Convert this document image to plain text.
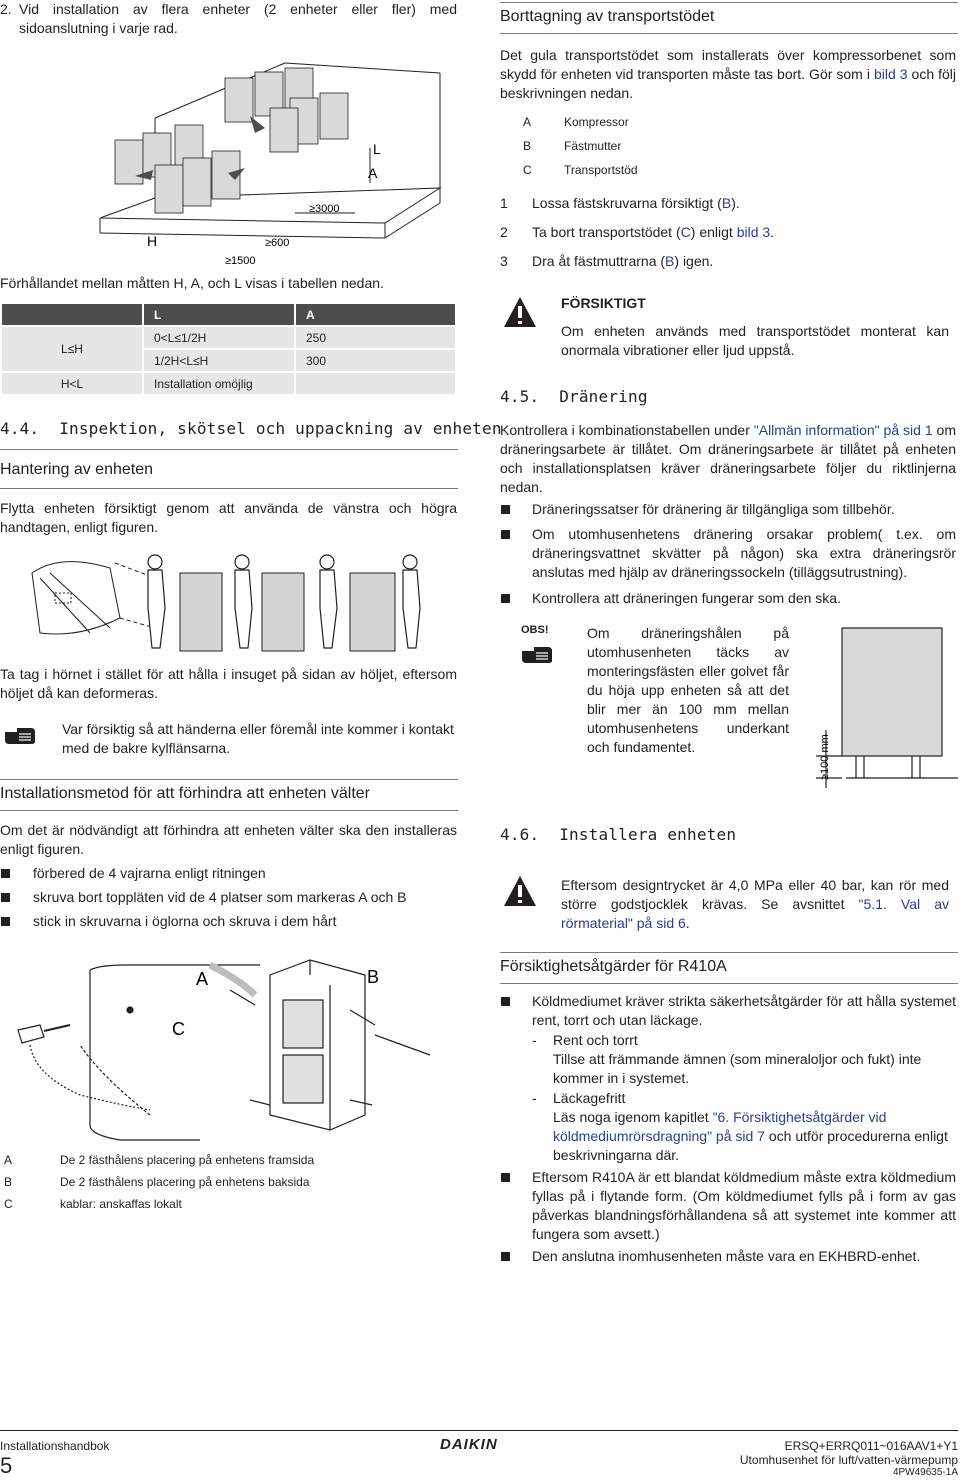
2. Vid installation av flera enheter (2 enheter eller fler) med sidoanslutning i varje rad.
L
A
H
≥3000
≥600
≥1500
Förhållandet mellan måtten H, A, och L visas i tabellen nedan.
	L	A
L≤H	0<L≤1/2H	250
	1/2H<L≤H	300
H<L	Installation omöjlig	
4.4. Inspektion, skötsel och uppackning av enheten
Hantering av enheten
Flytta enheten försiktigt genom att använda de vänstra och högra handtagen, enligt figuren.
Ta tag i hörnet i stället för att hålla i insuget på sidan av höljet, eftersom höljet då kan deformeras.
Var försiktig så att händerna eller föremål inte kommer i kontakt med de bakre kylflänsarna.
Installationsmetod för att förhindra att enheten välter
Om det är nödvändigt att förhindra att enheten välter ska den installeras enligt figuren.
förbered de 4 vajrarna enligt ritningen
skruva bort toppläten vid de 4 platser som markeras A och B
stick in skruvarna i öglorna och skruva i dem hårt
A	B
C
A	De 2 fästhålens placering på enhetens framsida
B	De 2 fästhålens placering på enhetens baksida
C	kablar: anskaffas lokalt
Borttagning av transportstödet
Det gula transportstödet som installerats över kompressorbenet som skydd för enheten vid transporten måste tas bort. Gör som i bild 3 och följ beskrivningen nedan.
A	Kompressor
B	Fästmutter
C	Transportstöd
1 Lossa fästskruvarna försiktigt (B).
2 Ta bort transportstödet (C) enligt bild 3.
3 Dra åt fästmuttrarna (B) igen.
FÖRSIKTIGT
Om enheten används med transportstödet monterat kan onormala vibrationer eller ljud uppstå.
4.5. Dränering
Kontrollera i kombinationstabellen under "Allmän information" på sid 1 om dräneringsarbete är tillåtet. Om dräneringsarbete är tillåtet på enheten och installationsplatsen kräver dräneringsarbete följer du riktlinjerna nedan.
Dräneringssatser för dränering är tillgängliga som tillbehör.
Om utomhusenhetens dränering orsakar problem( t.ex. om dräneringsvattnet skvätter på någon) ska extra dräneringsrör anslutas med hjälp av dräneringssockeln (tilläggsutrustning).
Kontrollera att dräneringen fungerar som den ska.
OBS!	Om dräneringshålen på utomhusenheten täcks av monteringsfästen eller golvet får du höja upp enheten så att det blir mer än 100 mm mellan utomhusenhetens underkant och fundamentet.	≥100 mm
4.6. Installera enheten
Eftersom designtrycket är 4,0 MPa eller 40 bar, kan rör med större godstjocklek krävas. Se avsnittet "5.1. Val av rörmaterial" på sid 6.
Försiktighetsåtgärder för R410A
Köldmediumet kräver strikta säkerhetsåtgärder för att hålla systemet rent, torrt och utan läckage.
- Rent och torrt
Tillse att främmande ämnen (som mineraloljor och fukt) inte kommer in i systemet.
- Läckagefritt
Läs noga igenom kapitlet "6. Försiktighetsåtgärder vid köldmediumrörsdragning" på sid 7 och utför procedurerna enligt beskrivningarna där.
Eftersom R410A är ett blandat köldmedium måste extra köldmedium fyllas på i flytande form. (Om köldmediumet fylls på i form av gas påverkas blandningsförhållandena så att systemet inte kommer att fungera som avsett.)
Den anslutna inomhusenheten måste vara en EKHBRD-enhet.
Installationshandbok
5
DAIKIN	ERSQ+ERRQ011~016AAV1+Y1
Utomhusenhet för luft/vatten-värmepump
4PW49635-1A
